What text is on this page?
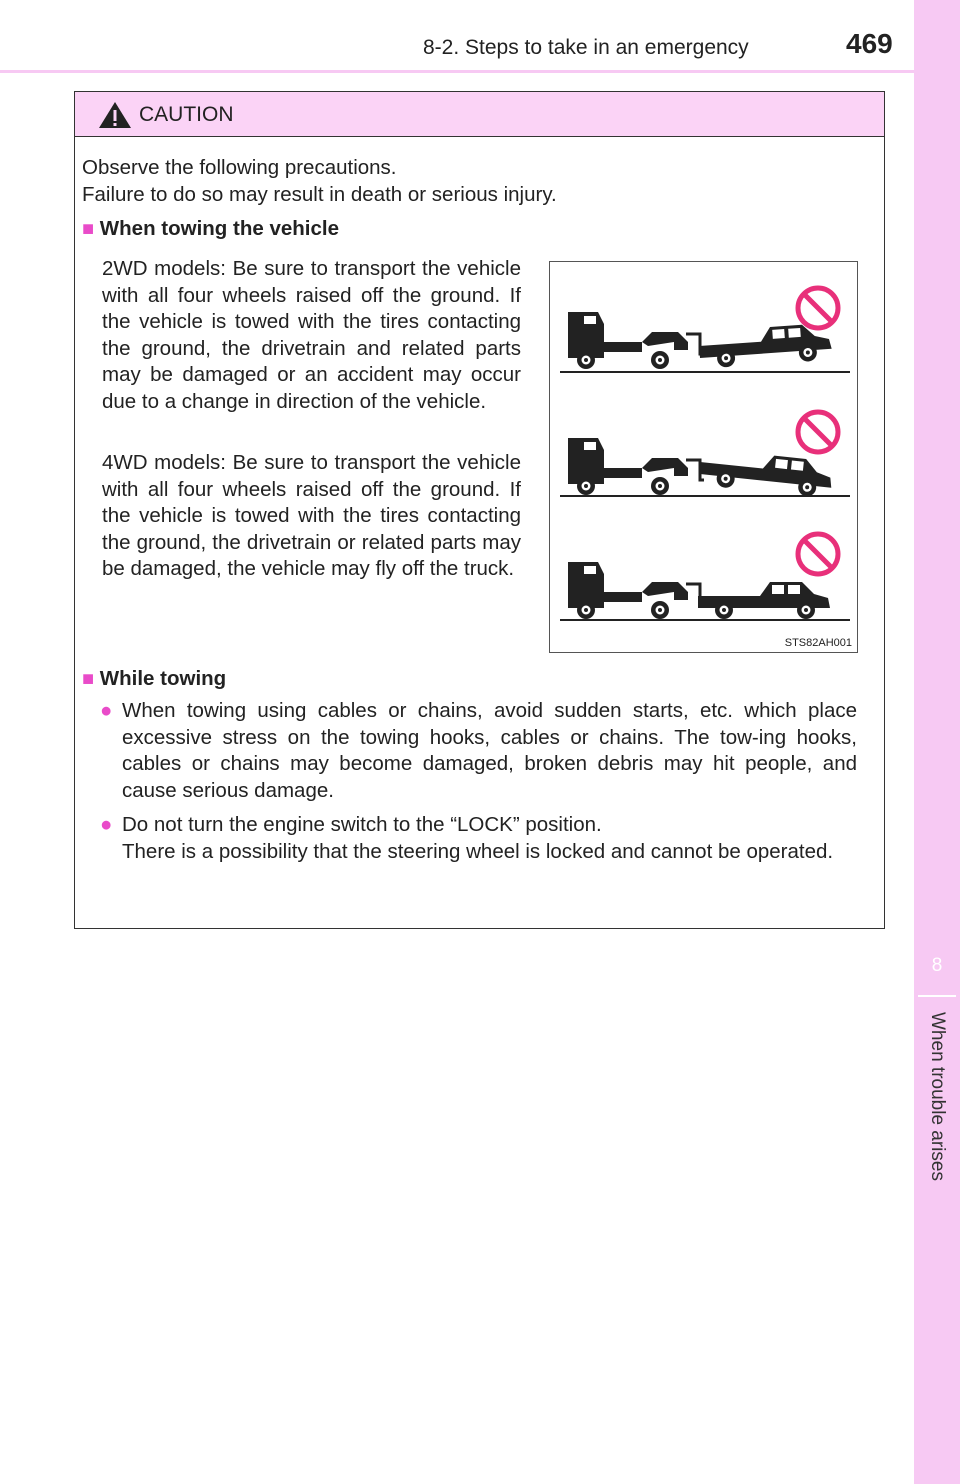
8-2. Steps to take in an emergency	469
8
When trouble arises
CAUTION
Observe the following precautions.
Failure to do so may result in death or serious injury.
■ When towing the vehicle
2WD models: Be sure to transport the vehicle with all four wheels raised off the ground. If the vehicle is towed with the tires contacting the ground, the drivetrain and related parts may be damaged or an accident may occur due to a change in direction of the vehicle.
4WD models: Be sure to transport the vehicle with all four wheels raised off the ground. If the vehicle is towed with the tires contacting the ground, the drivetrain or related parts may be damaged, the vehicle may fly off the truck.
STS82AH001
■ While towing
● When towing using cables or chains, avoid sudden starts, etc. which place excessive stress on the towing hooks, cables or chains. The tow-ing hooks, cables or chains may become damaged, broken debris may hit people, and cause serious damage.
● Do not turn the engine switch to the “LOCK” position.
There is a possibility that the steering wheel is locked and cannot be operated.
